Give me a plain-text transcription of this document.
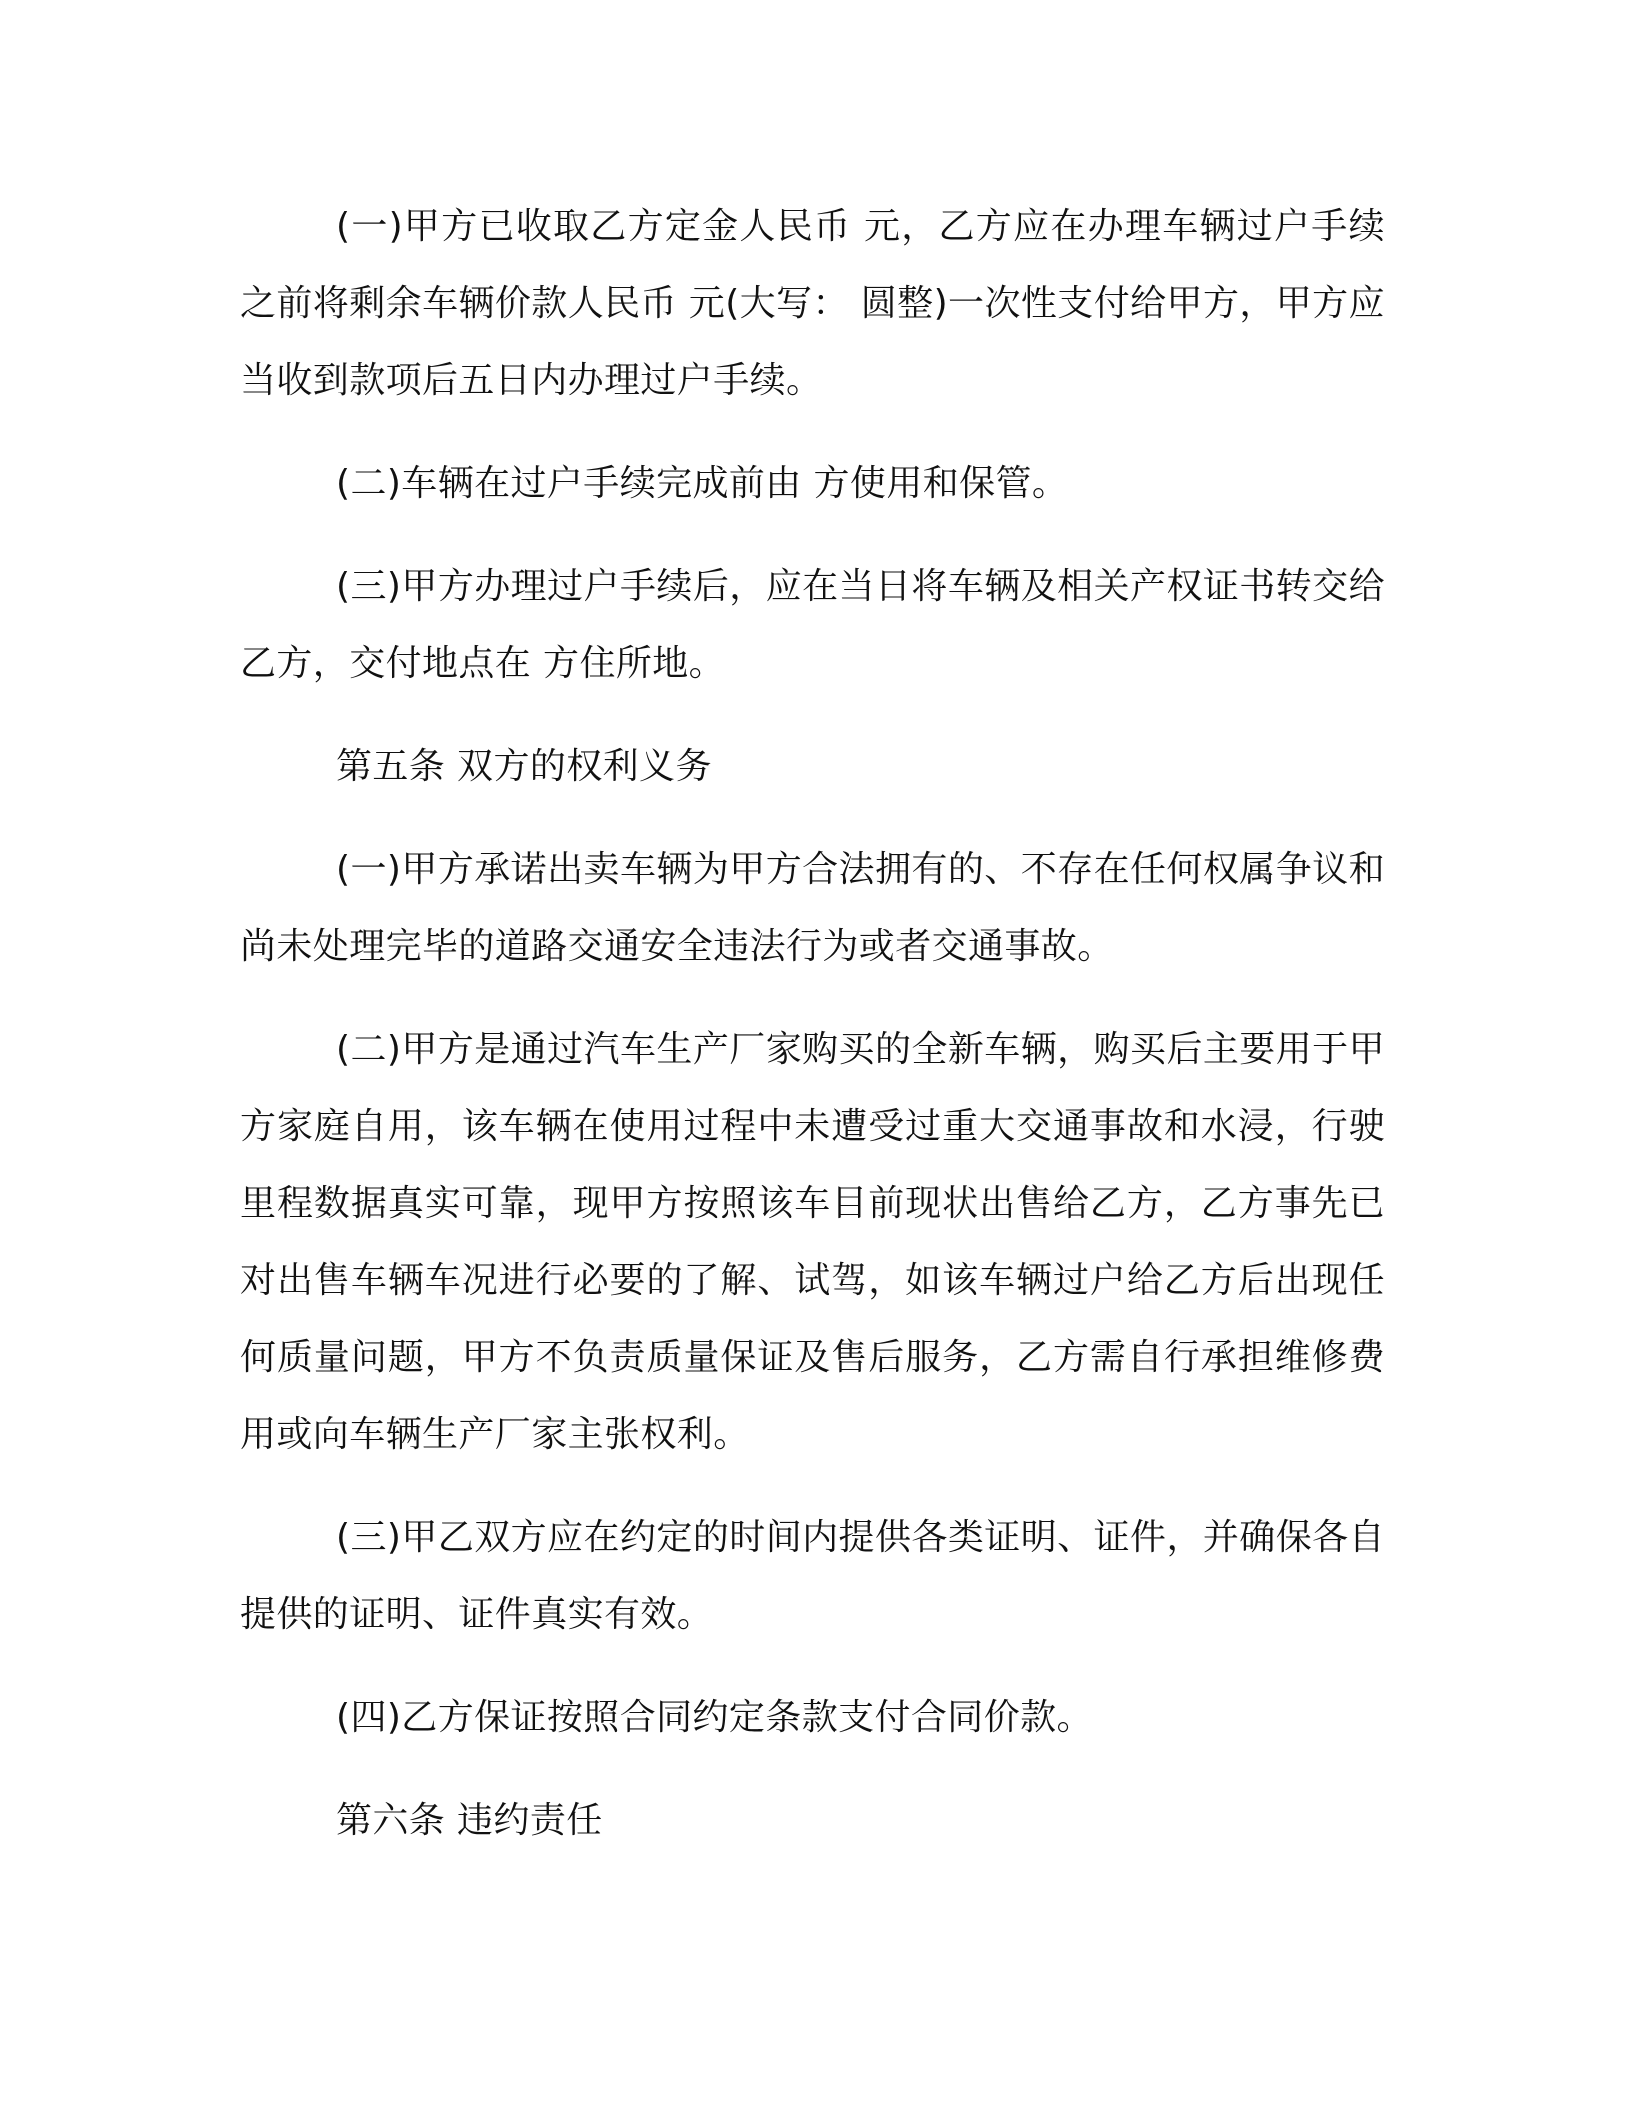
(一)甲方已收取乙方定金人民币 元，乙方应在办理车辆过户手续之前将剩余车辆价款人民币 元(大写： 圆整)一次性支付给甲方，甲方应当收到款项后五日内办理过户手续。

(二)车辆在过户手续完成前由 方使用和保管。

(三)甲方办理过户手续后，应在当日将车辆及相关产权证书转交给乙方，交付地点在 方住所地。

第五条 双方的权利义务

(一)甲方承诺出卖车辆为甲方合法拥有的、不存在任何权属争议和尚未处理完毕的道路交通安全违法行为或者交通事故。

(二)甲方是通过汽车生产厂家购买的全新车辆，购买后主要用于甲方家庭自用，该车辆在使用过程中未遭受过重大交通事故和水浸，行驶里程数据真实可靠，现甲方按照该车目前现状出售给乙方，乙方事先已对出售车辆车况进行必要的了解、试驾，如该车辆过户给乙方后出现任何质量问题，甲方不负责质量保证及售后服务，乙方需自行承担维修费用或向车辆生产厂家主张权利。

(三)甲乙双方应在约定的时间内提供各类证明、证件，并确保各自提供的证明、证件真实有效。

(四)乙方保证按照合同约定条款支付合同价款。

第六条 违约责任
